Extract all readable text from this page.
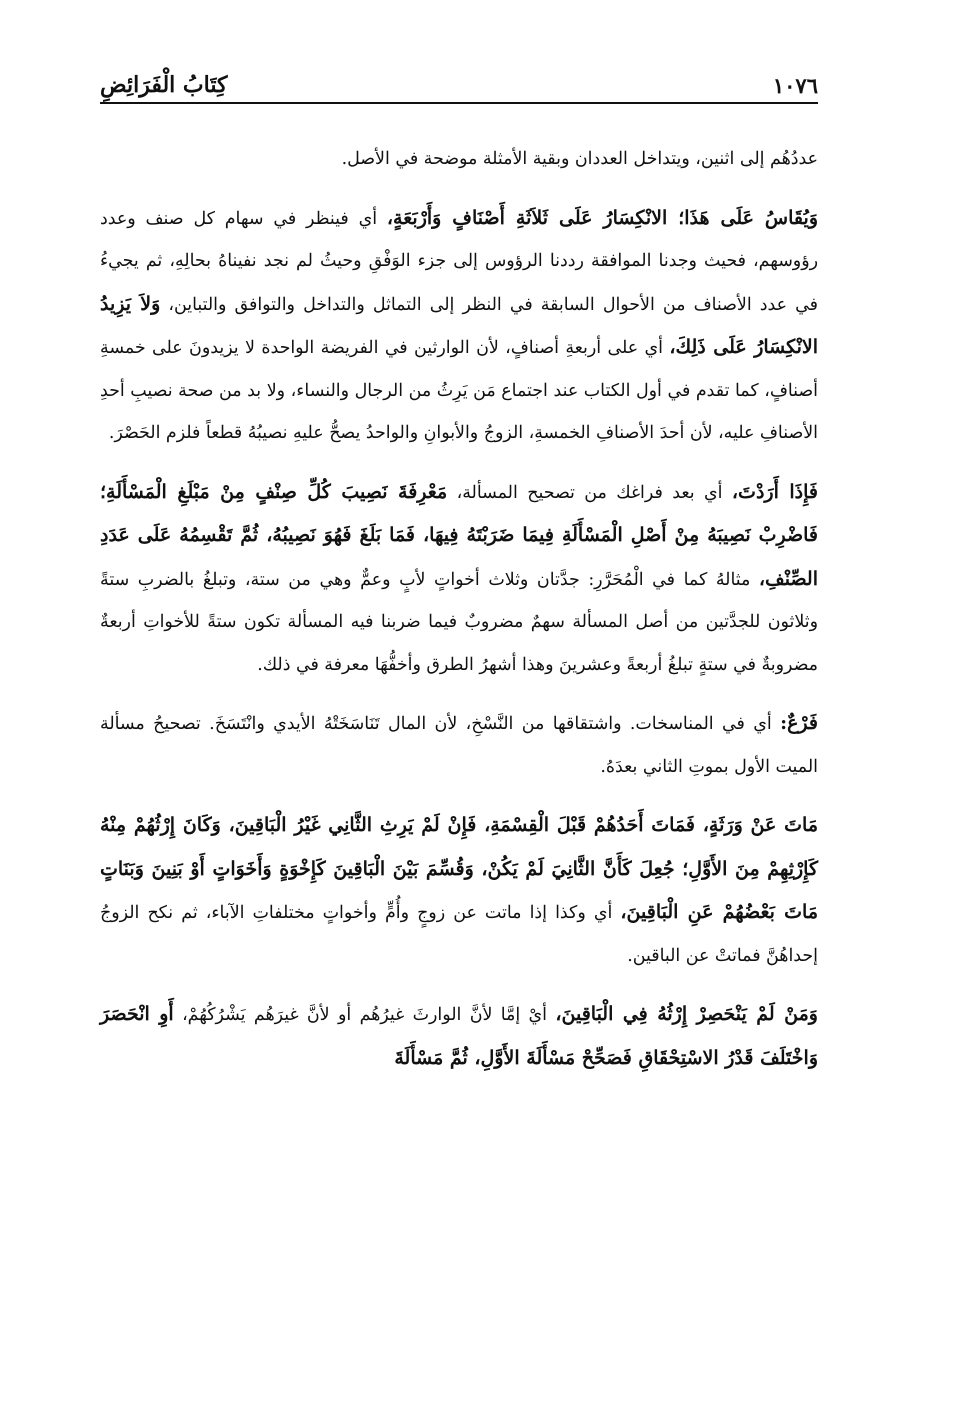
١٠٧٦
كِتَابُ الْفَرَائِضِ

عددُهُم إلى اثنين، ويتداخل العددان وبقية الأمثلة موضحة في الأصل.

وَيُقَاسُ عَلَى هَذَا؛ الانْكِسَارُ عَلَى ثَلاَثَةِ أَصْنَافٍ وَأَرْبَعَةٍ، أي فينظر في سهام كل صنف وعدد رؤوسهم، فحيث وجدنا الموافقة رددنا الرؤوس إلى جزء الوَفْقِ وحيثُ لم نجد نفيناهُ بحالِهِ، ثم يجيءُ في عدد الأصناف من الأحوال السابقة في النظر إلى التماثل والتداخل والتوافق والتباين، وَلاَ يَزِيدُ الانْكِسَارُ عَلَى ذَلِكَ، أي على أربعةِ أصنافٍ، لأن الوارثين في الفريضة الواحدة لا يزيدونَ على خمسةِ أصنافٍ، كما تقدم في أول الكتاب عند اجتماع مَن يَرِثُ من الرجال والنساء، ولا بد من صحة نصيبِ أحدِ الأصنافِ عليه، لأن أحدَ الأصنافِ الخمسةِ، الزوجُ والأبوانِ والواحدُ يصحُّ عليهِ نصيبُهُ قطعاً فلزم الحَصْرَ.

فَإِذَا أَرَدْتَ، أي بعد فراغك من تصحيح المسألة، مَعْرِفَةَ نَصِيبَ كُلِّ صِنْفٍ مِنْ مَبْلَغِ الْمَسْأَلَةِ؛ فَاضْرِبْ نَصِيبَهُ مِنْ أَصْلِ الْمَسْأَلَةِ فِيمَا ضَرَبْتَهُ فِيهَا، فَمَا بَلَغَ فَهُوَ نَصِيبُهُ، ثُمَّ تَقْسِمُهُ عَلَى عَدَدِ الصِّنْفِ، مثالهُ كما في الْمُحَرَّرِ: جدَّتان وثلاث أخواتٍ لأبٍ وعمٌّ وهي من ستة، وتبلغُ بالضربِ ستةً وثلاثون للجدَّتين من أصل المسألة سهمٌ مضروبٌ فيما ضربنا فيه المسألة تكون ستةً للأخواتِ أربعةٌ مضروبةٌ في ستةٍ تبلغُ أربعةً وعشرينَ وهذا أشهرُ الطرق وأخفُّهَا معرفة في ذلك.

فَرْعٌ: أي في المناسخات. واشتقاقها من النَّسْخِ، لأن المال تَنَاسَخَتْهُ الأيدي وانْتَسَخَ. تصحيحُ مسألة الميت الأول بموتِ الثاني بعدَهُ.

مَاتَ عَنْ وَرَثَةٍ، فَمَاتَ أَحَدُهُمْ قَبْلَ الْقِسْمَةِ، فَإِنْ لَمْ يَرِثِ الثَّانِي غَيْرُ الْبَاقِينَ، وَكَانَ إِرْثُهُمْ مِنْهُ كَإِرْثِهِمْ مِنَ الأَوَّلِ؛ جُعِلَ كَأَنَّ الثَّانِيَ لَمْ يَكُنْ، وَقُسِّمَ بَيْنَ الْبَاقِينَ كَإِخْوَةٍ وَأَخَوَاتٍ أَوْ بَنِينَ وَبَنَاتٍ مَاتَ بَعْضُهُمْ عَنِ الْبَاقِينَ، أي وكذا إذا ماتت عن زوجٍ وأُمٍّ وأخواتٍ مختلفاتِ الآباء، ثم نكح الزوجُ إحداهُنَّ فماتتْ عن الباقين.

وَمَنْ لَمْ يَنْحَصِرْ إِرْثُهُ فِي الْبَاقِينَ، أيْ إمَّا لأنَّ الوارثَ غيرُهُم أو لأنَّ غيرَهُم يَشْرُكُهُمْ، أَوِ انْحَصَرَ وَاخْتَلَفَ قَدْرُ الاسْتِحْقَاقِ فَصَحِّحْ مَسْأَلَةَ الأَوَّلِ، ثُمَّ مَسْأَلَةَ
